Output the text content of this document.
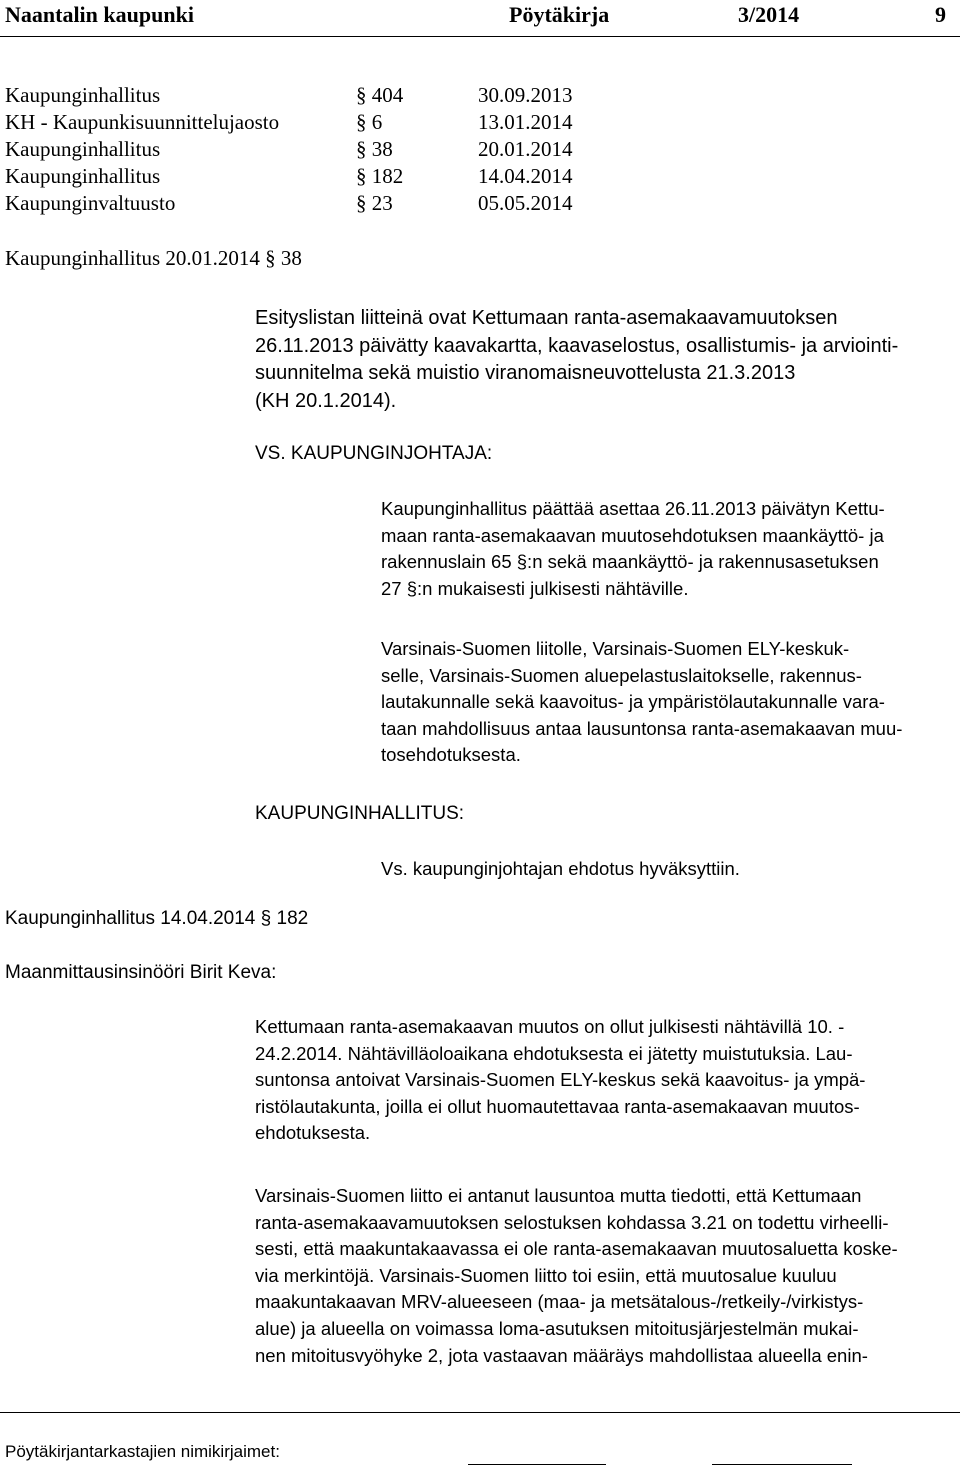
Naantalin kaupunki	Pöytäkirja	3/2014	9
Kaupunginhallitus	§ 404	30.09.2013
KH - Kaupunkisuunnittelujaosto	§ 6	13.01.2014
Kaupunginhallitus	§ 38	20.01.2014
Kaupunginhallitus	§ 182	14.04.2014
Kaupunginvaltuusto	§ 23	05.05.2014
Kaupunginhallitus 20.01.2014 § 38
Esityslistan liitteinä ovat Kettumaan ranta-asemakaavamuutoksen
26.11.2013 päivätty kaavakartta, kaavaselostus, osallistumis- ja arviointi-
suunnitelma sekä muistio viranomaisneuvottelusta 21.3.2013
(KH 20.1.2014).
VS. KAUPUNGINJOHTAJA:
Kaupunginhallitus päättää asettaa 26.11.2013 päivätyn Kettu-
maan ranta-asemakaavan muutosehdotuksen maankäyttö- ja
rakennuslain 65 §:n sekä maankäyttö- ja rakennusasetuksen
27 §:n mukaisesti julkisesti nähtäville.
Varsinais-Suomen liitolle, Varsinais-Suomen ELY-keskuk-
selle, Varsinais-Suomen aluepelastuslaitokselle, rakennus-
lautakunnalle sekä kaavoitus- ja ympäristölautakunnalle vara-
taan mahdollisuus antaa lausuntonsa ranta-asemakaavan muu-
tosehdotuksesta.
KAUPUNGINHALLITUS:
Vs. kaupunginjohtajan ehdotus hyväksyttiin.
Kaupunginhallitus 14.04.2014 § 182
Maanmittausinsinööri Birit Keva:
Kettumaan ranta-asemakaavan muutos on ollut julkisesti nähtävillä 10. -
24.2.2014. Nähtävilläoloaikana ehdotuksesta ei jätetty muistutuksia. Lau-
suntonsa antoivat Varsinais-Suomen ELY-keskus sekä kaavoitus- ja ympä-
ristölautakunta, joilla ei ollut huomautettavaa ranta-asemakaavan muutos-
ehdotuksesta.
Varsinais-Suomen liitto ei antanut lausuntoa mutta tiedotti, että Kettumaan
ranta-asemakaavamuutoksen selostuksen kohdassa 3.21 on todettu virheelli-
sesti, että maakuntakaavassa ei ole ranta-asemakaavan muutosaluetta koske-
via merkintöjä. Varsinais-Suomen liitto toi esiin, että muutosalue kuuluu
maakuntakaavan MRV-alueeseen (maa- ja metsätalous-/retkeily-/virkistys-
alue) ja alueella on voimassa loma-asutuksen mitoitusjärjestelmän mukai-
nen mitoitusvyöhyke 2, jota vastaavan määräys mahdollistaa alueella enin-
Pöytäkirjantarkastajien nimikirjaimet:
